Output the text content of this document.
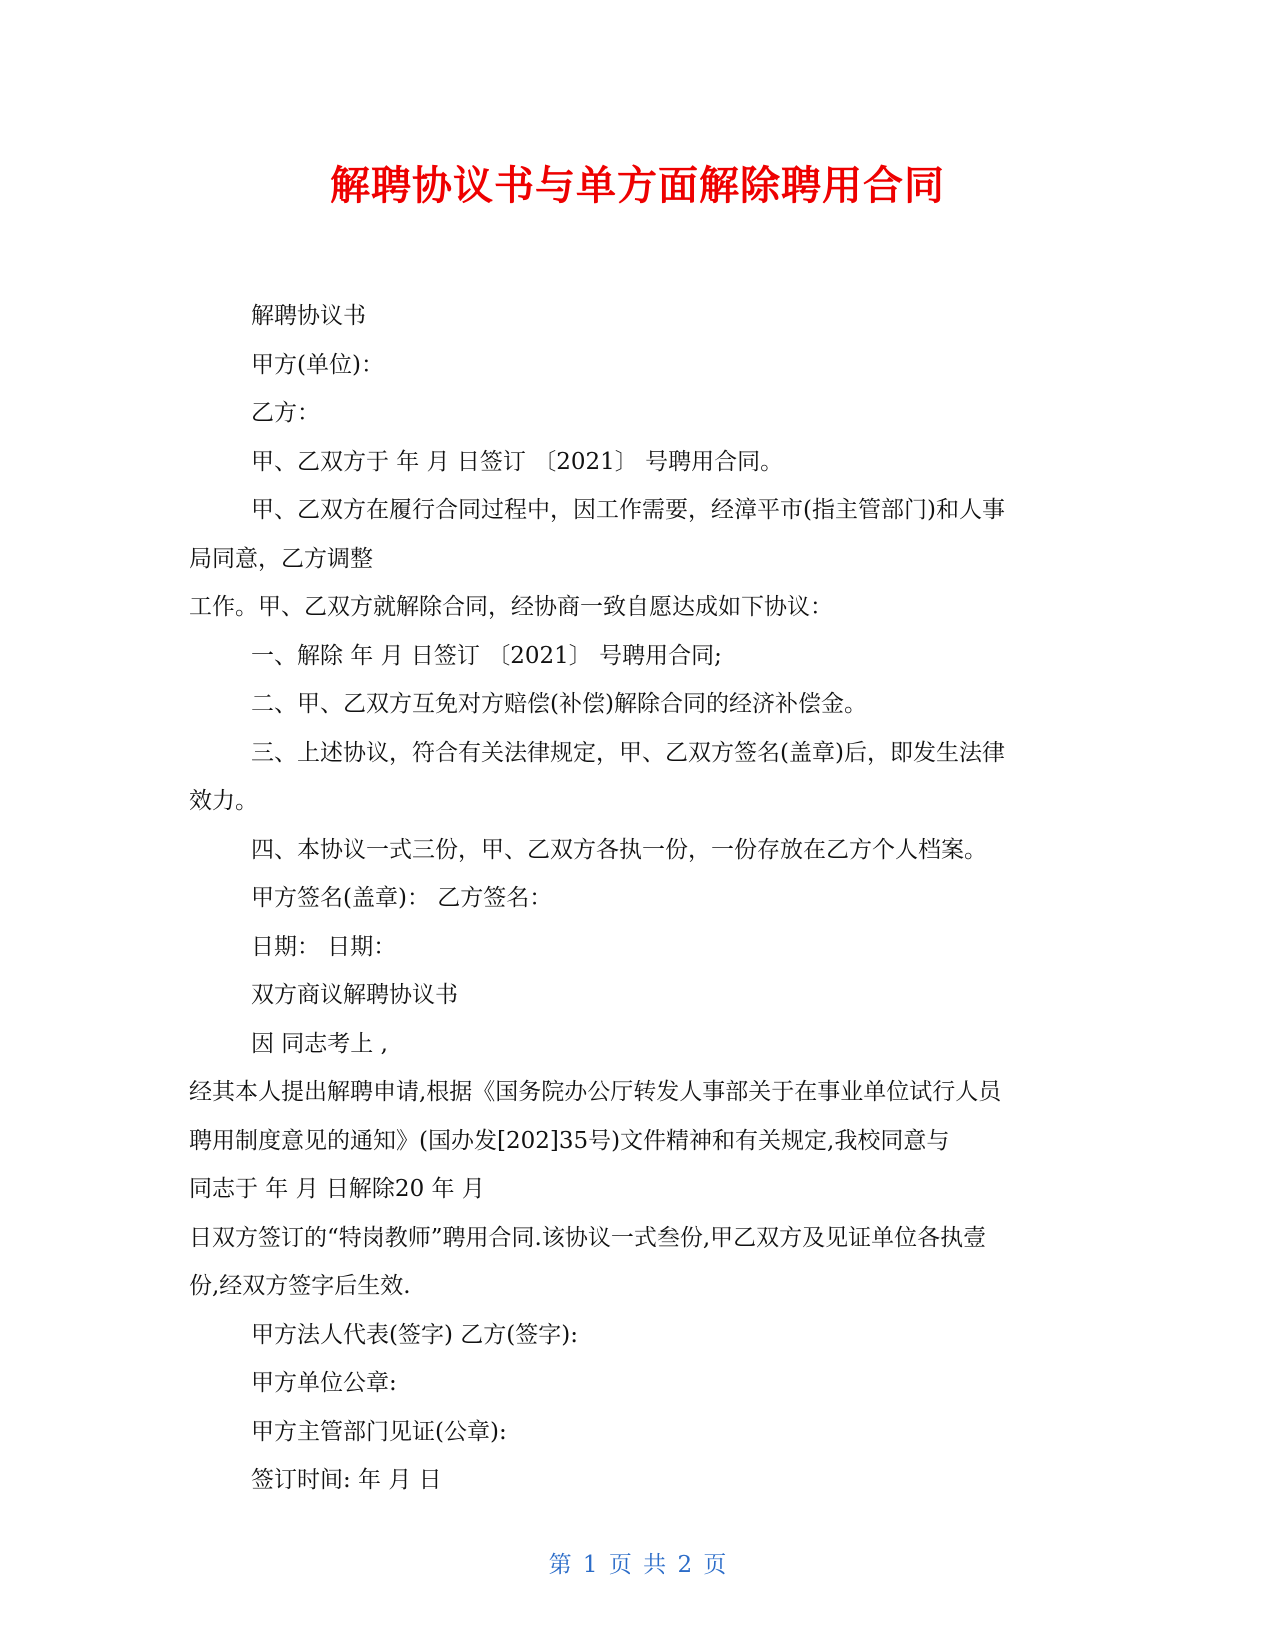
解聘协议书与单方面解除聘用合同
解聘协议书
甲方(单位)：
乙方：
甲、乙双方于 年 月 日签订 〔2021〕 号聘用合同。
甲、乙双方在履行合同过程中，因工作需要，经漳平市(指主管部门)和人事
局同意，乙方调整
工作。甲、乙双方就解除合同，经协商一致自愿达成如下协议：
一、解除 年 月 日签订 〔2021〕 号聘用合同;
二、甲、乙双方互免对方赔偿(补偿)解除合同的经济补偿金。
三、上述协议，符合有关法律规定，甲、乙双方签名(盖章)后，即发生法律
效力。
四、本协议一式三份，甲、乙双方各执一份，一份存放在乙方个人档案。
甲方签名(盖章)： 乙方签名：
日期： 日期：
双方商议解聘协议书
因 同志考上 ,
经其本人提出解聘申请,根据《国务院办公厅转发人事部关于在事业单位试行人员
聘用制度意见的通知》(国办发[202]35号)文件精神和有关规定,我校同意与
同志于 年 月 日解除20 年 月
日双方签订的“特岗教师”聘用合同.该协议一式叁份,甲乙双方及见证单位各执壹
份,经双方签字后生效.
甲方法人代表(签字) 乙方(签字):
甲方单位公章:
甲方主管部门见证(公章):
签订时间: 年 月 日
第 1 页 共 2 页
